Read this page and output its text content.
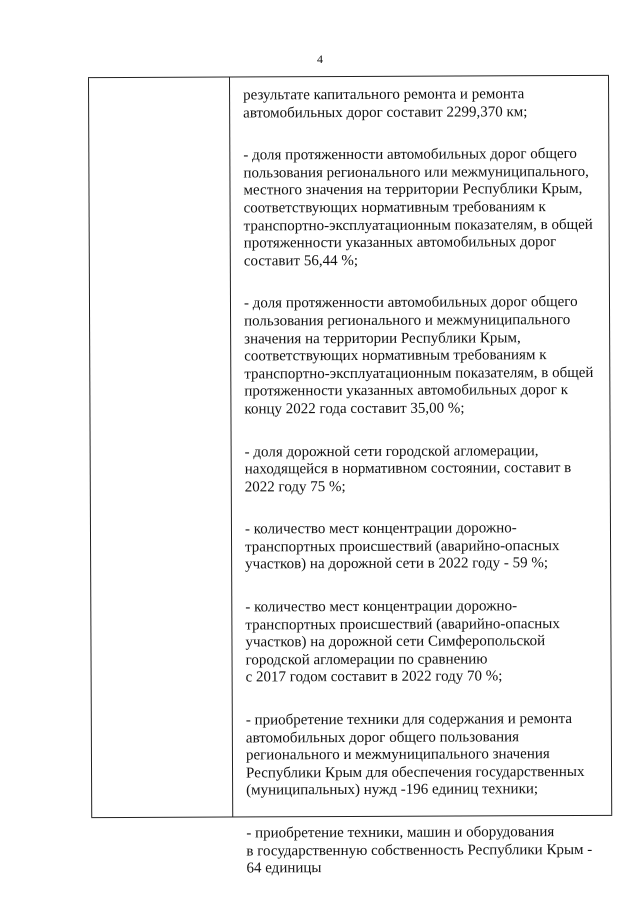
4

результате капитального ремонта и ремонта
автомобильных дорог составит 2299,370 км;

- доля протяженности автомобильных дорог общего
пользования регионального или межмуниципального,
местного значения на территории Республики Крым,
соответствующих нормативным требованиям к
транспортно-эксплуатационным показателям, в общей
протяженности указанных автомобильных дорог
составит 56,44 %;

- доля протяженности автомобильных дорог общего
пользования регионального и межмуниципального
значения на территории Республики Крым,
соответствующих нормативным требованиям к
транспортно-эксплуатационным показателям, в общей
протяженности указанных автомобильных дорог к
концу 2022 года составит 35,00 %;

- доля дорожной сети городской агломерации,
находящейся в нормативном состоянии, составит в
2022 году 75 %;

- количество мест концентрации дорожно-
транспортных происшествий (аварийно-опасных
участков) на дорожной сети в 2022 году - 59 %;

- количество мест концентрации дорожно-
транспортных происшествий (аварийно-опасных
участков) на дорожной сети Симферопольской
городской агломерации по сравнению
с 2017 годом составит в 2022 году 70 %;

- приобретение техники для содержания и ремонта
автомобильных дорог общего пользования
регионального и межмуниципального значения
Республики Крым для обеспечения государственных
(муниципальных) нужд -196 единиц техники;

- приобретение техники, машин и оборудования
в государственную собственность Республики Крым -
64 единицы
